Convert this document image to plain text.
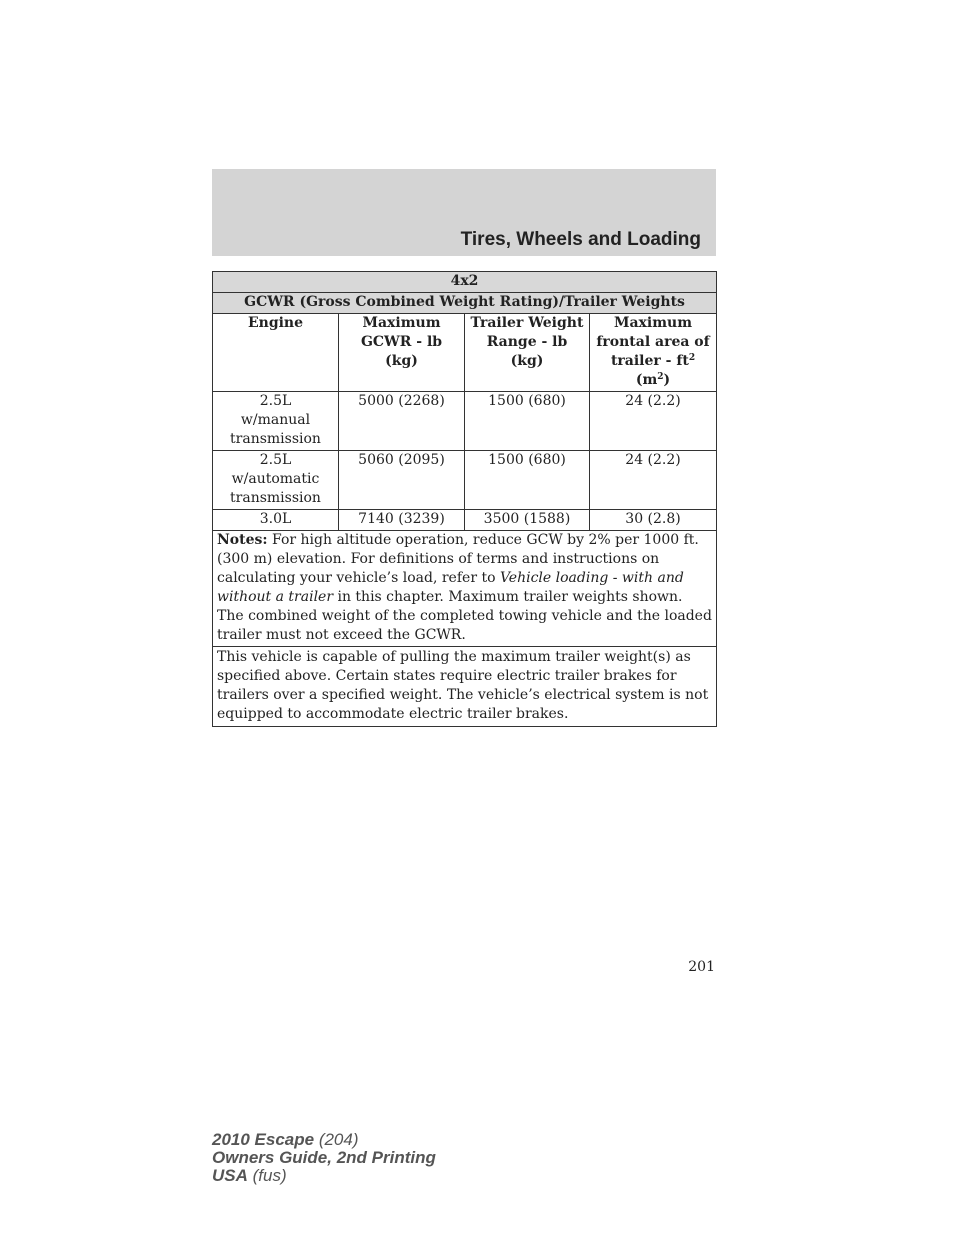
Tires, Wheels and Loading
4x2			
GCWR (Gross Combined Weight Rating)/Trailer Weights			
Engine	Maximum GCWR - lb (kg)	Trailer Weight Range - lb (kg)	Maximum frontal area of trailer - $ft^2$
$(m^2)$
2.5L w/manual transmission	5000 (2268)	1500 (680)	24 (2.2)
2.5L w/automatic transmission	5060 (2095)	1500 (680)	24 (2.2)
3.0L	7140 (3239)	3500 (1588)	30 (2.8)
Notes: For high altitude operation, reduce GCW by 2% per 1000 ft. (300 m) elevation. For definitions of terms and instructions on calculating your vehicle’s load, refer to Vehicle loading - with and without a trailer in this chapter. Maximum trailer weights shown. The combined weight of the completed towing vehicle and the loaded trailer must not exceed the GCWR.			
This vehicle is capable of pulling the maximum trailer weight(s) as specified above. Certain states require electric trailer brakes for trailers over a specified weight. The vehicle’s electrical system is not equipped to accommodate electric trailer brakes.			
201
2010 Escape (204)
Owners Guide, 2nd Printing
USA (fus)
